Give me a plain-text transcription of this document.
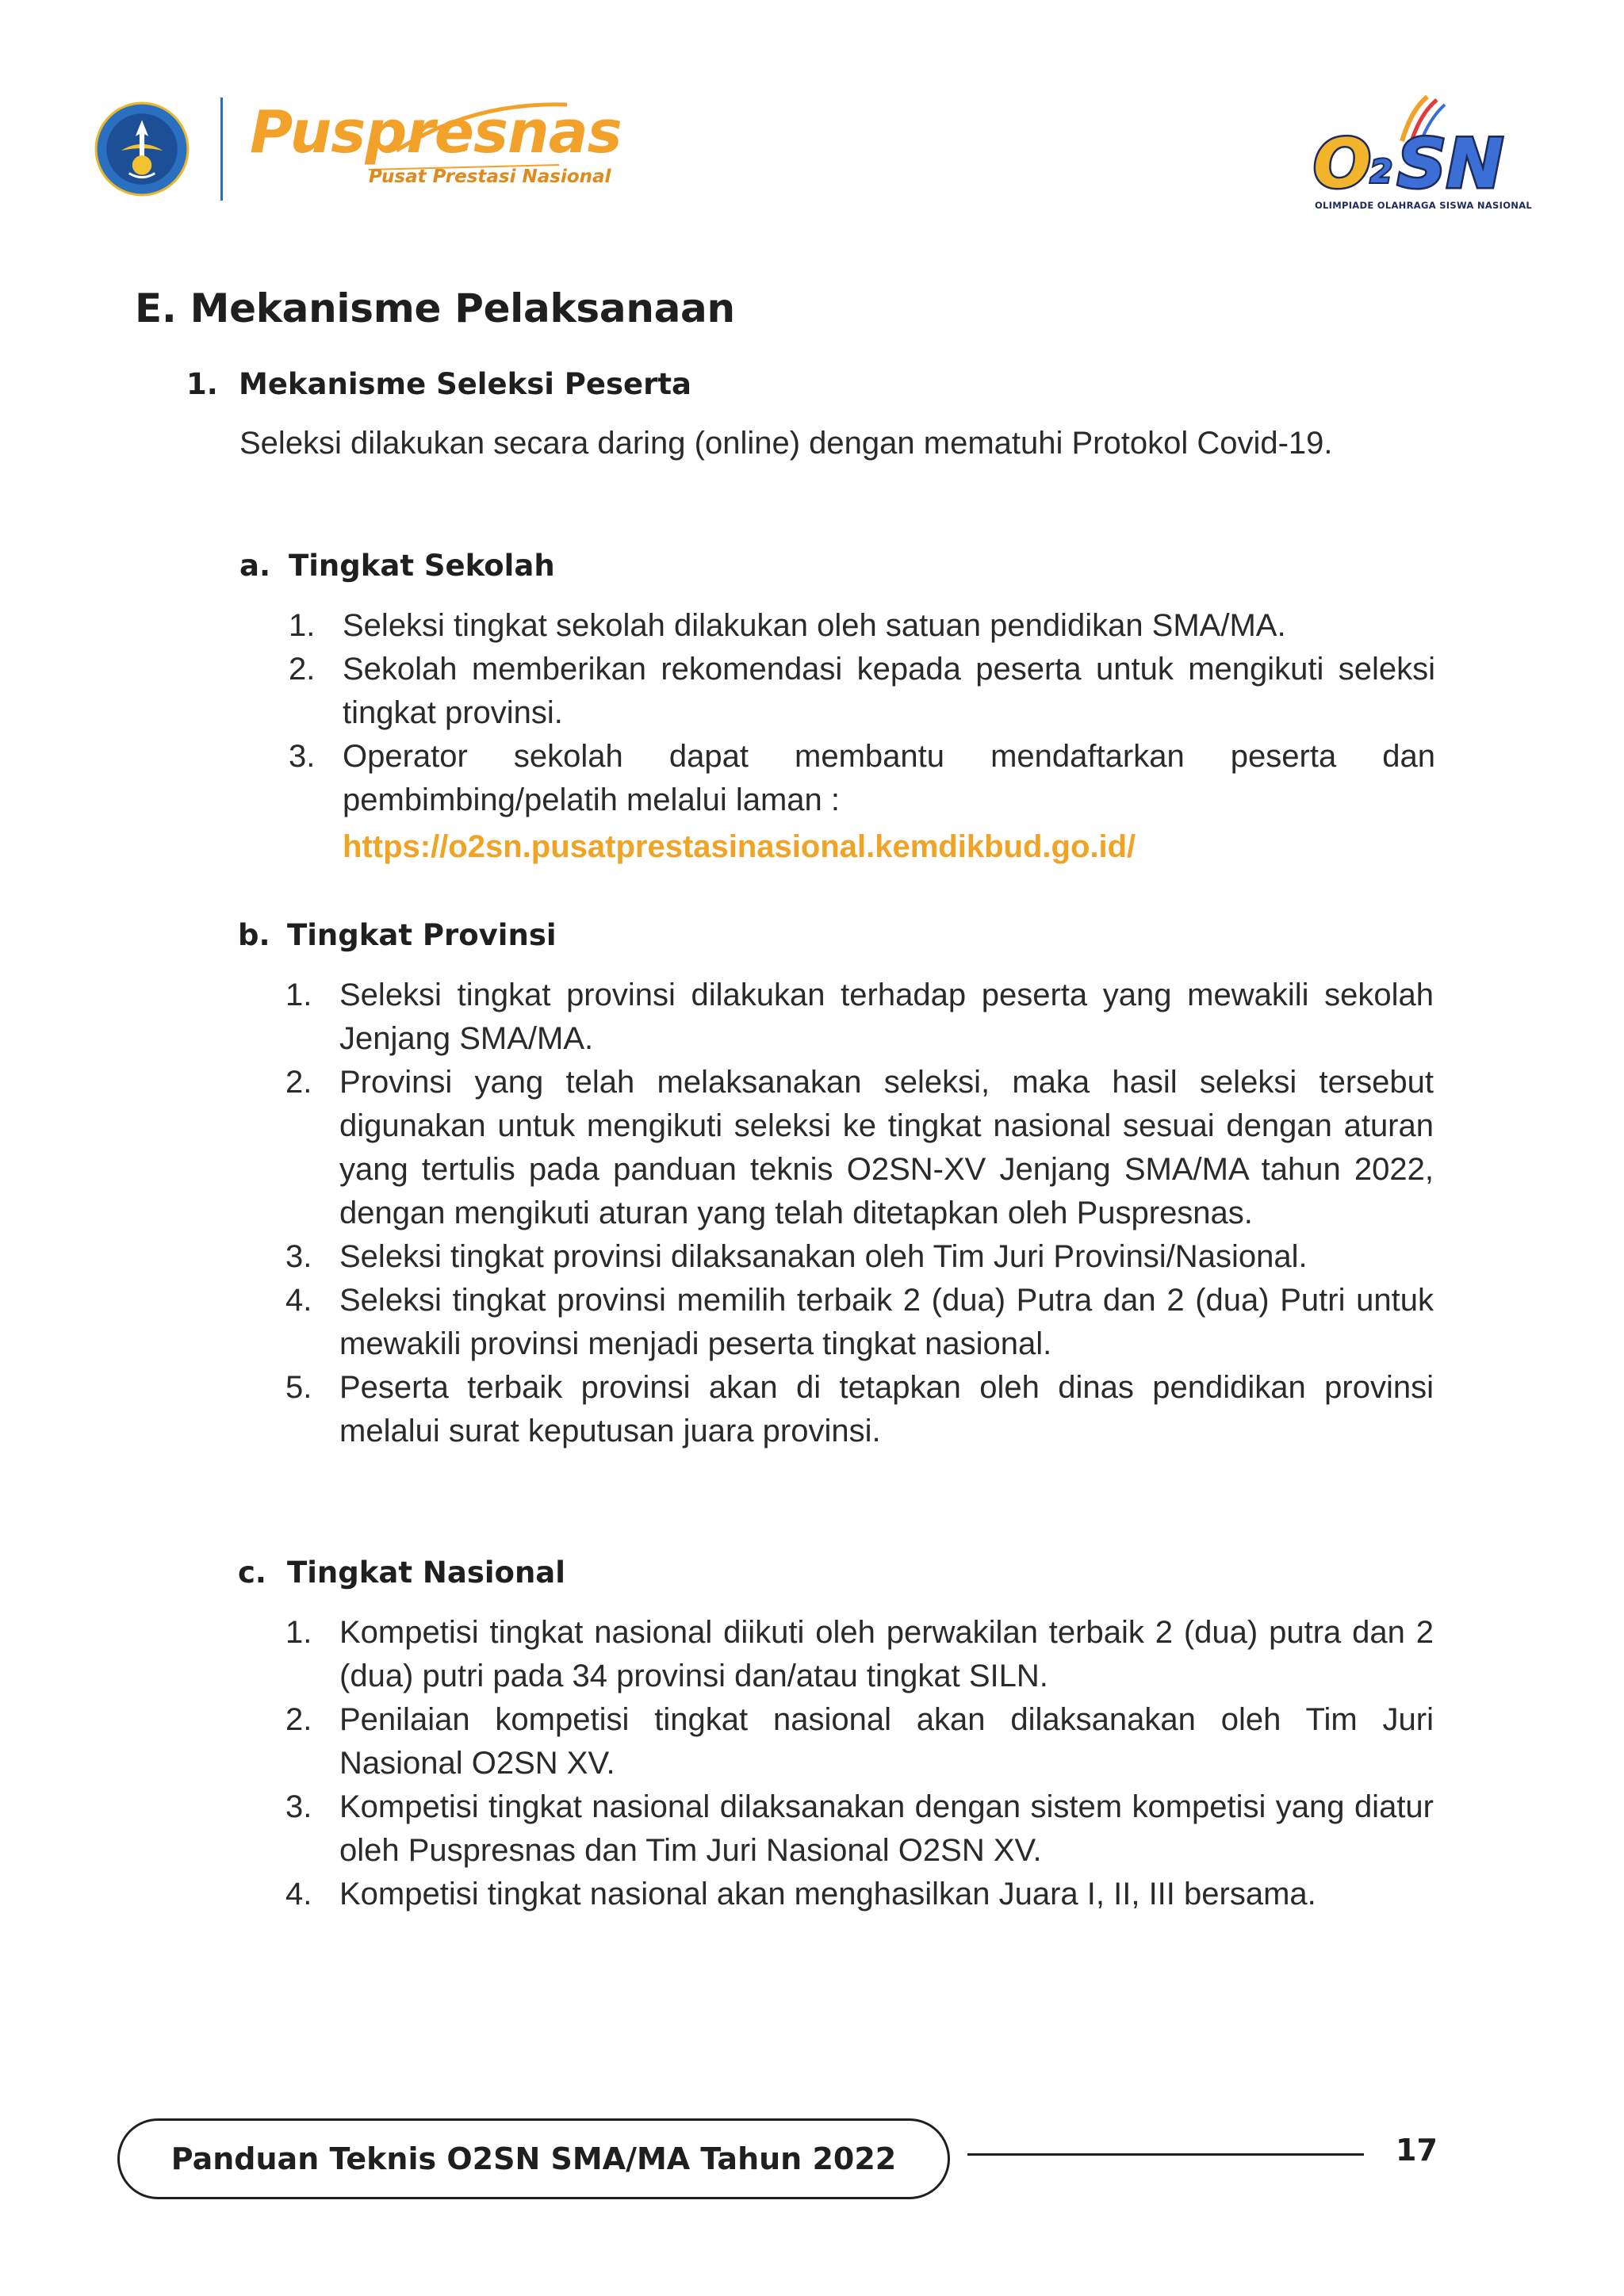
Puspresnas
Pusat Prestasi Nasional	O
2 SN
OLIMPIADE OLAHRAGA SISWA NASIONAL
E. Mekanisme Pelaksanaan
1. Mekanisme Seleksi Peserta

Seleksi dilakukan secara daring (online) dengan mematuhi Protokol Covid-19.

a. Tingkat Sekolah
1. Seleksi tingkat sekolah dilakukan oleh satuan pendidikan SMA/MA.
2. Sekolah memberikan rekomendasi kepada peserta untuk mengikuti seleksi tingkat provinsi.
3. Operator sekolah dapat membantu mendaftarkan peserta dan pembimbing/pelatih melalui laman :
https://o2sn.pusatprestasinasional.kemdikbud.go.id/
b. Tingkat Provinsi
1. Seleksi tingkat provinsi dilakukan terhadap peserta yang mewakili sekolah Jenjang SMA/MA.
2. Provinsi yang telah melaksanakan seleksi, maka hasil seleksi tersebut digunakan untuk mengikuti seleksi ke tingkat nasional sesuai dengan aturan yang tertulis pada panduan teknis O2SN-XV Jenjang SMA/MA tahun 2022, dengan mengikuti aturan yang telah ditetapkan oleh Puspresnas.
3. Seleksi tingkat provinsi dilaksanakan oleh Tim Juri Provinsi/Nasional.
4. Seleksi tingkat provinsi memilih terbaik 2 (dua) Putra dan 2 (dua) Putri untuk mewakili provinsi menjadi peserta tingkat nasional.
5. Peserta terbaik provinsi akan di tetapkan oleh dinas pendidikan provinsi melalui surat keputusan juara provinsi.
c. Tingkat Nasional
1. Kompetisi tingkat nasional diikuti oleh perwakilan terbaik 2 (dua) putra dan 2 (dua) putri pada 34 provinsi dan/atau tingkat SILN.
2. Penilaian kompetisi tingkat nasional akan dilaksanakan oleh Tim Juri Nasional O2SN XV.
3. Kompetisi tingkat nasional dilaksanakan dengan sistem kompetisi yang diatur oleh Puspresnas dan Tim Juri Nasional O2SN XV.
4. Kompetisi tingkat nasional akan menghasilkan Juara I, II, III bersama.
Panduan Teknis O2SN SMA/MA Tahun 2022	17
